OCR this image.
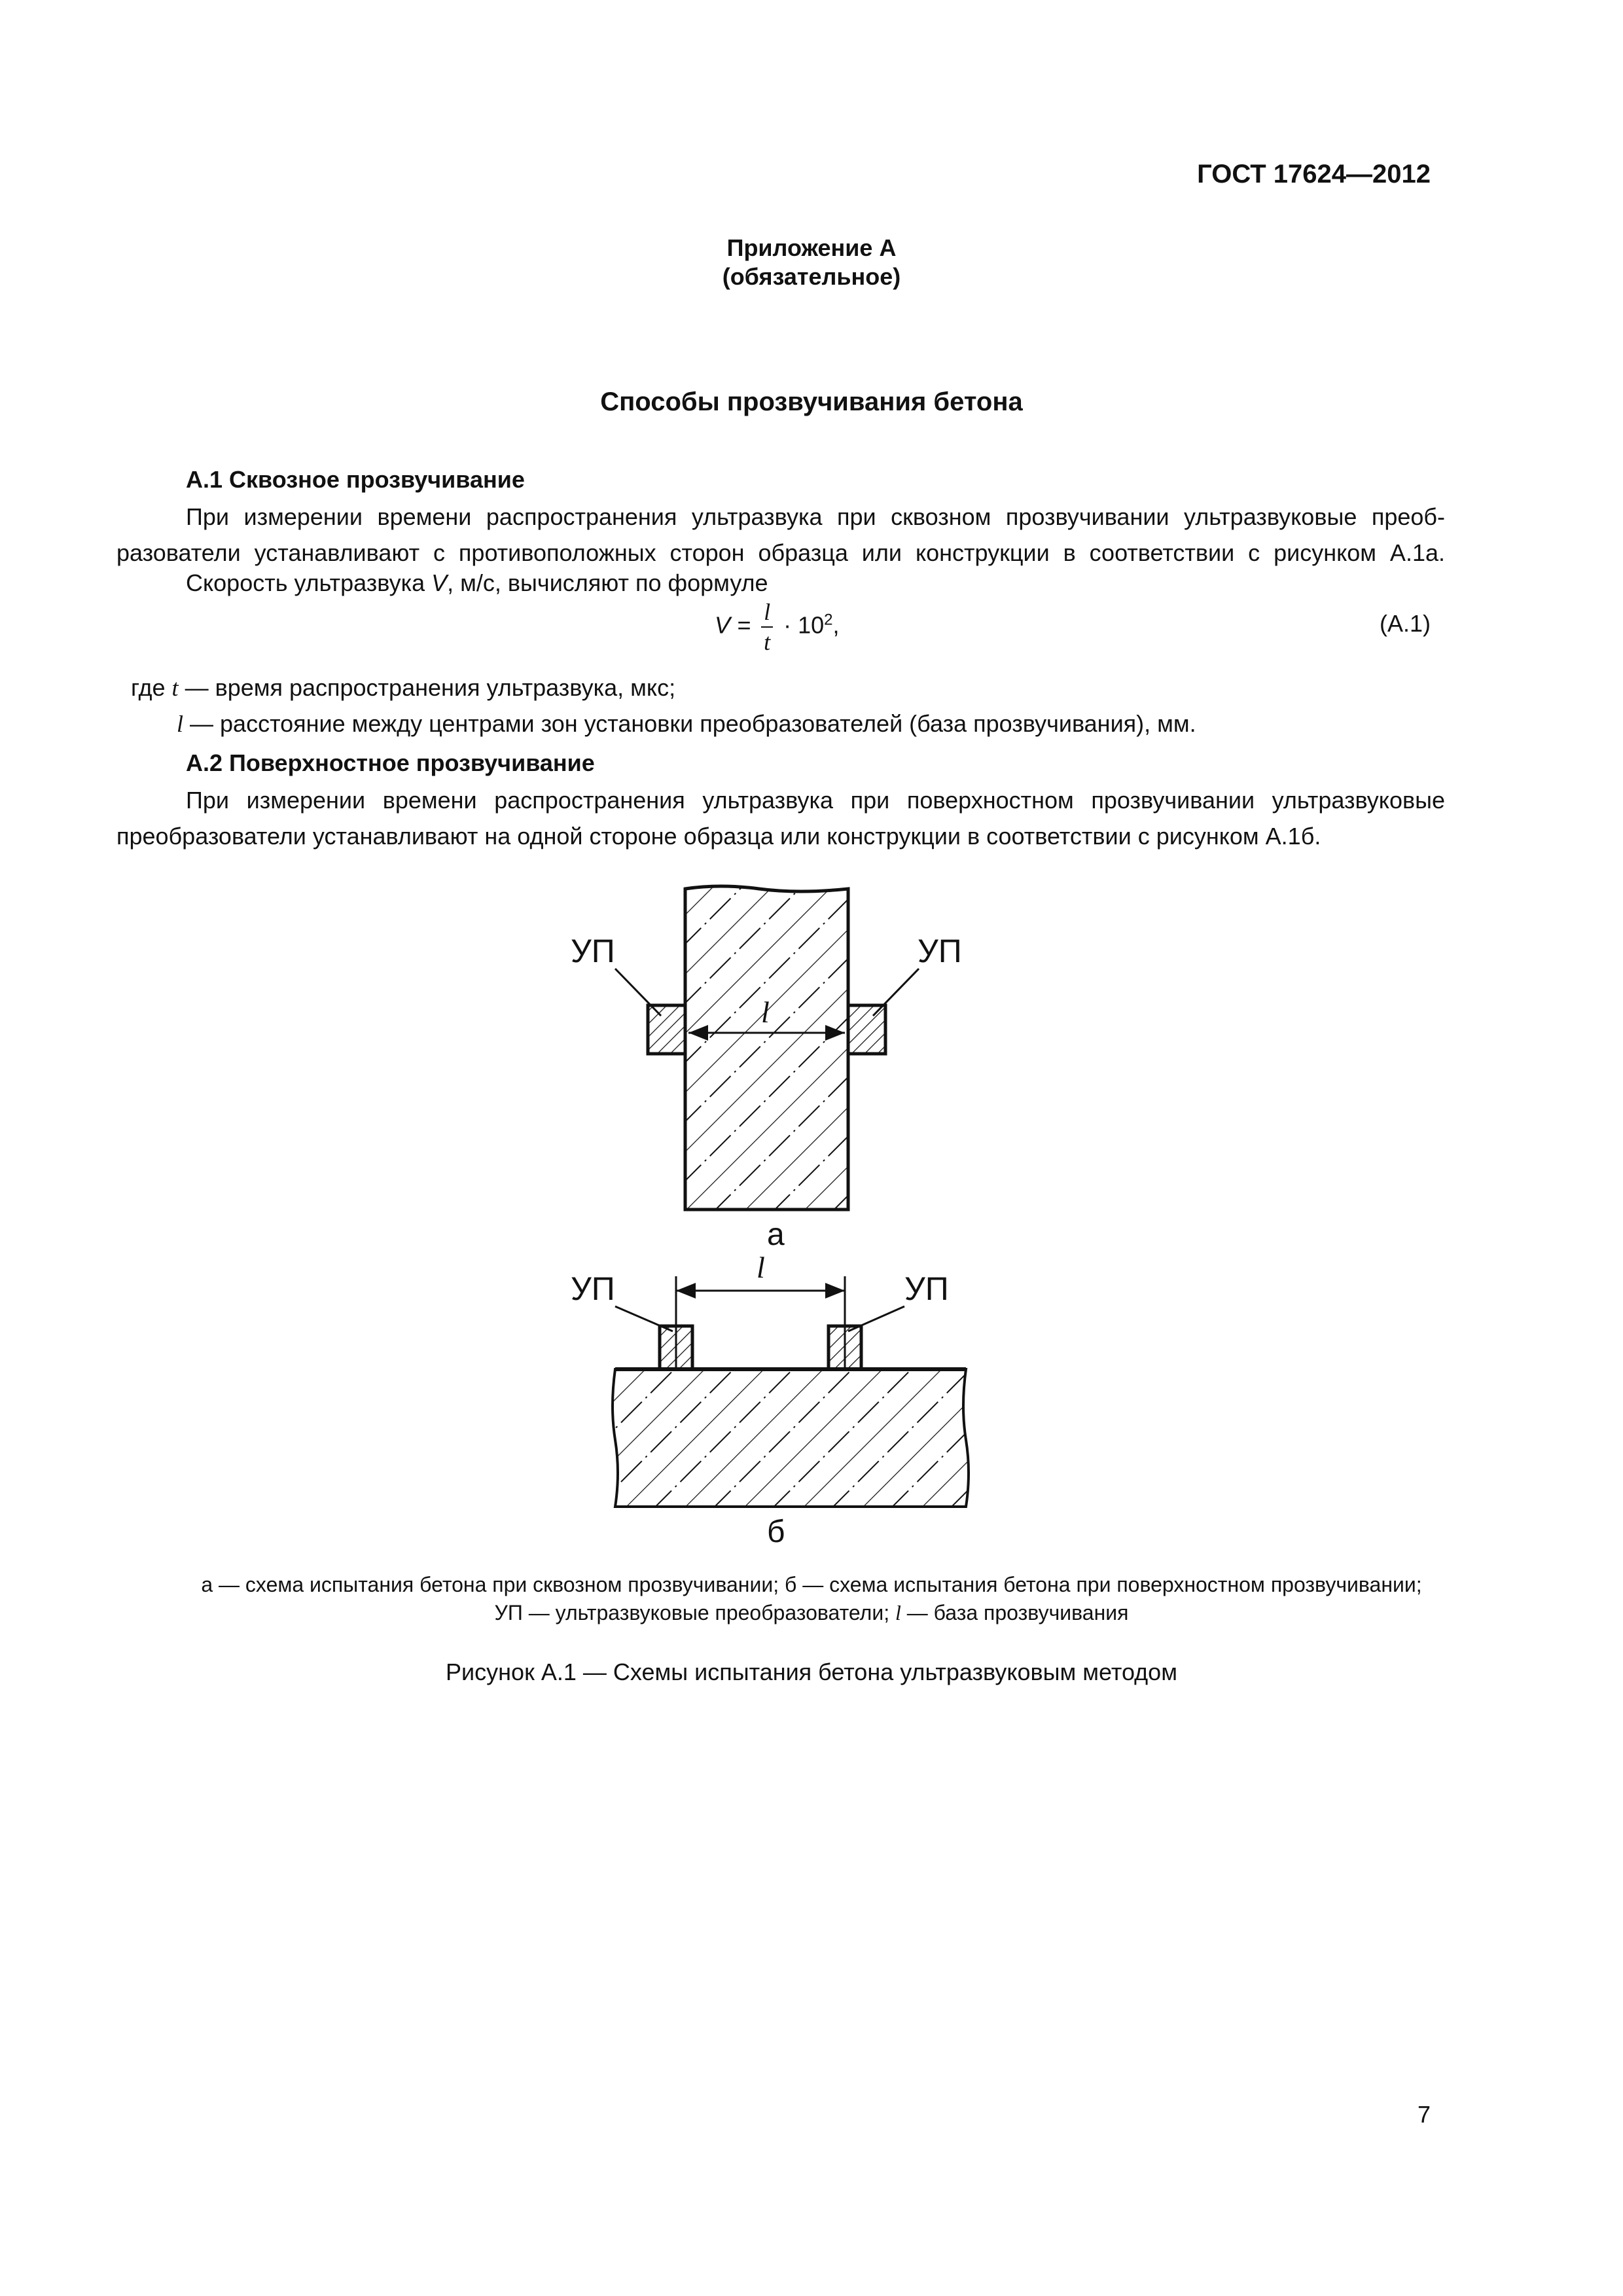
ГОСТ 17624—2012
Приложение А
(обязательное)
Способы прозвучивания бетона
А.1 Сквозное прозвучивание
При измерении времени распространения ультразвука при сквозном прозвучивании ультразвуковые преоб-
разователи устанавливают с противоположных сторон образца или конструкции в соответствии с рисунком А.1а.
Скорость ультразвука V, м/с, вычисляют по формуле
$V = \frac{l}{t} \cdot 10^2$,	(А.1)
где t — время распространения ультразвука, мкс;
l — расстояние между центрами зон установки преобразователей (база прозвучивания), мм.
А.2 Поверхностное прозвучивание
При измерении времени распространения ультразвука при поверхностном прозвучивании ультразвуковые
преобразователи устанавливают на одной стороне образца или конструкции в соответствии с рисунком А.1б.
УП	УП
l
а
УП	УП
l
б
а — схема испытания бетона при сквозном прозвучивании; б — схема испытания бетона при поверхностном прозвучивании;
УП — ультразвуковые преобразователи; l — база прозвучивания
Рисунок А.1 — Схемы испытания бетона ультразвуковым методом
7
